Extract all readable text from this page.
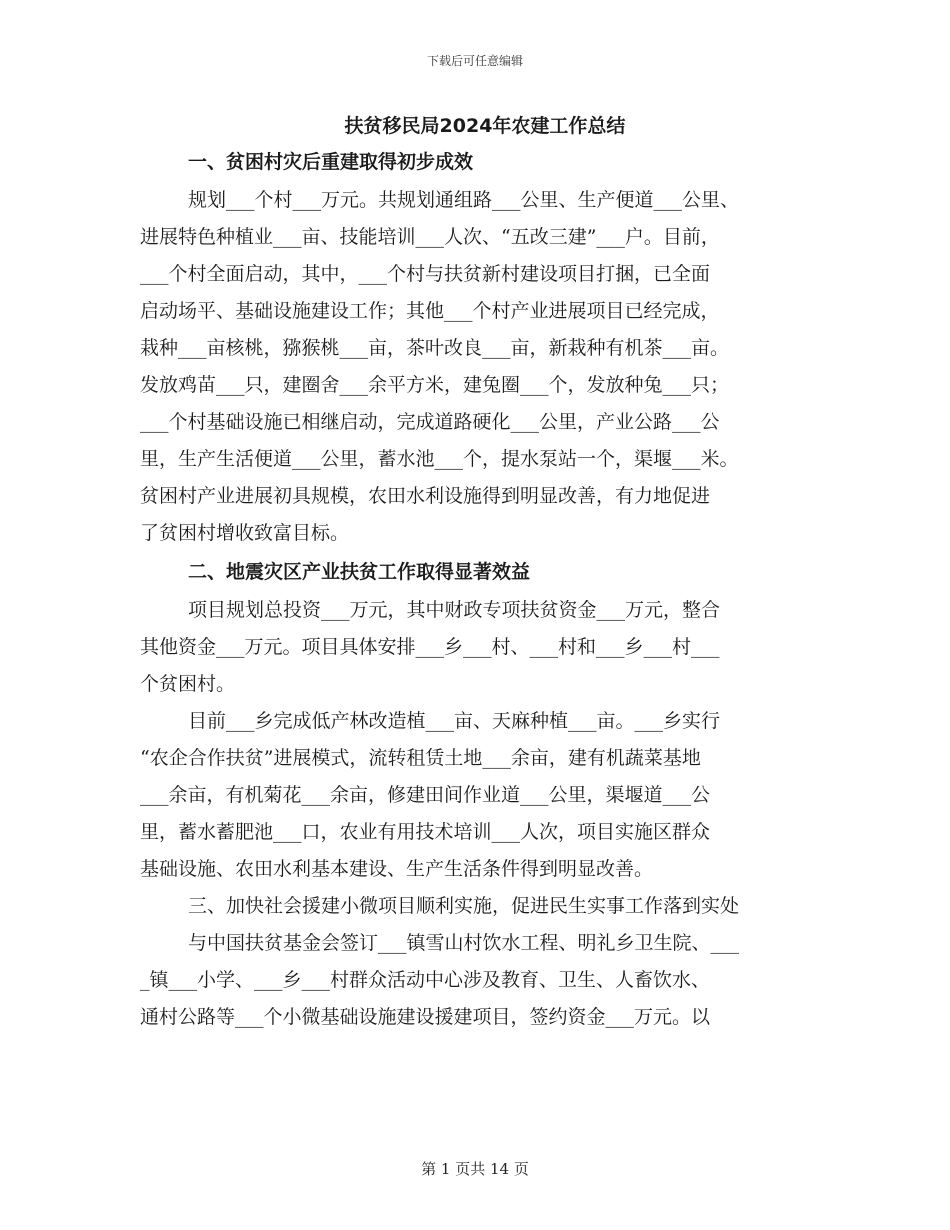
下载后可任意编辑
扶贫移民局2024年农建工作总结
一、贫困村灾后重建取得初步成效
规划___个村___万元。共规划通组路___公里、生产便道___公里、
进展特色种植业___亩、技能培训___人次、“五改三建”___户。目前，
___个村全面启动，其中，___个村与扶贫新村建设项目打捆，已全面
启动场平、基础设施建设工作；其他___个村产业进展项目已经完成，
栽种___亩核桃，猕猴桃___亩，茶叶改良___亩，新栽种有机茶___亩。
发放鸡苗___只，建圈舍___余平方米，建兔圈___个，发放种兔___只；
___个村基础设施已相继启动，完成道路硬化___公里，产业公路___公
里，生产生活便道___公里，蓄水池___个，提水泵站一个，渠堰___米。
贫困村产业进展初具规模，农田水利设施得到明显改善，有力地促进
了贫困村增收致富目标。
二、地震灾区产业扶贫工作取得显著效益
项目规划总投资___万元，其中财政专项扶贫资金___万元，整合
其他资金___万元。项目具体安排___乡___村、___村和___乡___村___
个贫困村。
目前___乡完成低产林改造植___亩、天麻种植___亩。___乡实行
“农企合作扶贫”进展模式，流转租赁土地___余亩，建有机蔬菜基地
___余亩，有机菊花___余亩，修建田间作业道___公里，渠堰道___公
里，蓄水蓄肥池___口，农业有用技术培训___人次，项目实施区群众
基础设施、农田水利基本建设、生产生活条件得到明显改善。
三、加快社会援建小微项目顺利实施，促进民生实事工作落到实处
与中国扶贫基金会签订___镇雪山村饮水工程、明礼乡卫生院、___
_镇___小学、___乡___村群众活动中心涉及教育、卫生、人畜饮水、
通村公路等___个小微基础设施建设援建项目，签约资金___万元。以
第 1 页共 14 页
